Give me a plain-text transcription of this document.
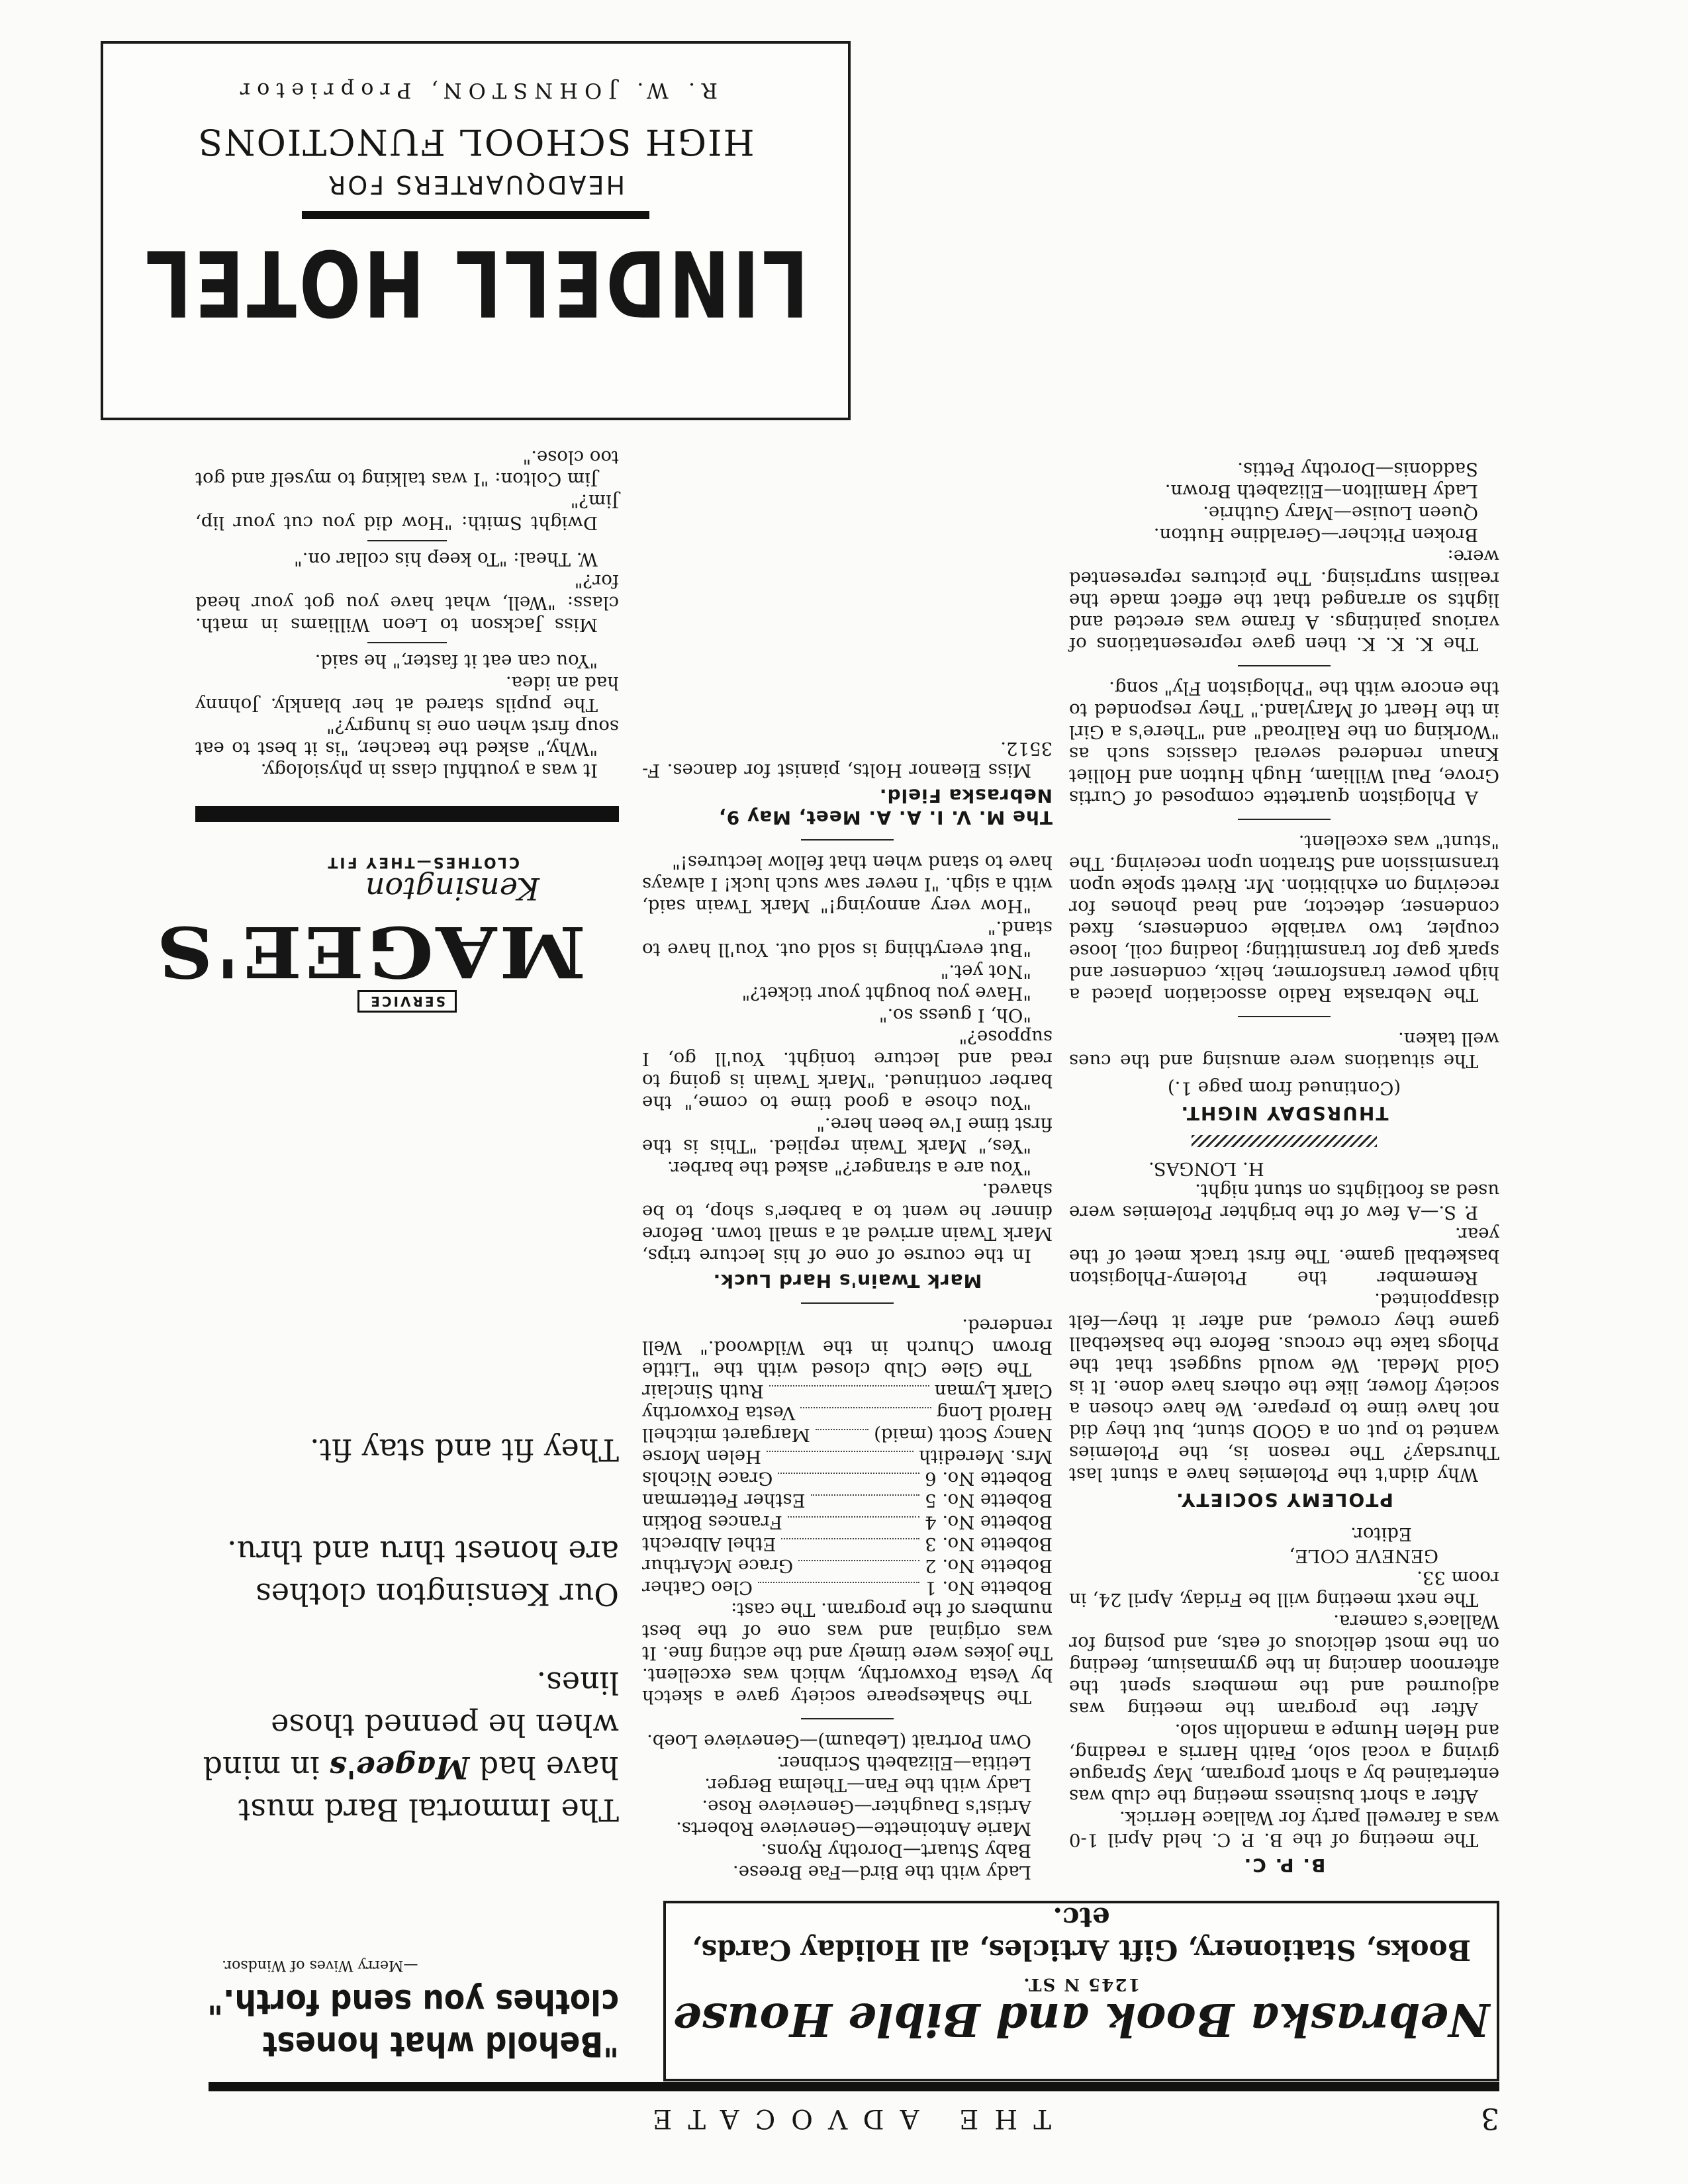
3
THE ADVOCATE
Nebraska Book and Bible House
1245 N ST.
Books, Stationery, Gift Articles, all Holiday Cards, etc.
B. P. C.

The meeting of the B. P. C. held April 1-0 was a farewell party for Wallace Herrick.

After a short business meeting the club was entertained by a short program, May Sprague giving a vocal solo, Faith Harris a reading, and Helen Humpe a mandolin solo.

After the program the meeting was adjourned and the members spent the afternoon dancing in the gymnasium, feeding on the most delicious of eats, and posing for Wallace's camera.

The next meeting will be Friday, April 24, in room 33.

GENEVE COLE,

Editor.

PTOLEMY SOCIETY.

Why didn't the Ptolemies have a stunt last Thursday? The reason is, the Ptolemies wanted to put on a GOOD stunt, but they did not have time to prepare. We have chosen a society flower, like the others have done. It is Gold Medal. We would suggest that the Phlogs take the crocus. Before the basketball game they crowed, and after it they—felt disappointed.

Remember the Ptolemy-Phlogiston basketball game. The first track meet of the year.

P. S.—A few of the brighter Ptolemies were used as footlights on stunt night.

H. LONGAS.

THURSDAY NIGHT.
(Continued from page 1.)

The situations were amusing and the cues well taken.

The Nebraska Radio association placed a high power transformer, helix, condenser and spark gap for transmitting; loading coil, loose coupler, two variable condensers, fixed condenser, detector, and head phones for receiving on exhibition. Mr. Rivett spoke upon transmission and Stratton upon receiving. The "stunt" was excellent.

A Phlogiston quartette composed of Curtis Grove, Paul William, Hugh Hutton and Holliet Knaun rendered several classics such as "Working on the Railroad" and "There's a Girl in the Heart of Maryland." They responded to the encore with the "Phlogiston Fly" song.

The K. K. K. then gave representations of various paintings. A frame was erected and lights so arranged that the effect made the realism surprising. The pictures represented were:

Broken Pitcher—Geraldine Hutton.

Queen Louise—Mary Guthrie.

Lady Hamilton—Elizabeth Brown.

Saddonis—Dorothy Pettis.

Lady with the Bird—Fae Breese.

Baby Stuart—Dorothy Ryons.

Marie Antoinette—Genevieve Roberts.

Artist's Daughter—Genevieve Rose.

Lady with the Fan—Thelma Berger.

Letitia—Elizabeth Scribner.

Own Portrait (Lebaum)—Genevieve Loeb.

The Shakespeare society gave a sketch by Vesta Foxworthy, which was excellent. The jokes were timely and the acting fine. It was original and was one of the best numbers of the program. The cast:

Bobette No. 1
Cleo Cather
Bobette No. 2
Grace McArthur
Bobette No. 3
Ethel Albrecht
Bobette No. 4
Frances Botkin
Bobette No. 5
Esther Fetterman
Bobette No. 6
Grace Nichols
Mrs. Meredith
Helen Morse
Nancy Scott (maid)
Margaret mitchell
Harold Long
Vesta Foxworthy
Clark Lyman
Ruth Sinclair

The Glee Club closed with the "Little Brown Church in the Wildwood." Well rendered.

Mark Twain's Hard Luck.

In the course of one of his lecture trips, Mark Twain arrived at a small town. Before dinner he went to a barber's shop, to be shaved.

"You are a stranger?" asked the barber.

"Yes," Mark Twain replied. "This is the first time I've been here."

"You chose a good time to come," the barber continued. "Mark Twain is going to read and lecture tonight. You'll go, I suppose?"

"Oh, I guess so."

"Have you bought your ticket?"

"Not yet."

"But everything is sold out. You'll have to stand."

"How very annoying!" Mark Twain said, with a sigh. "I never saw such luck! I always have to stand when that fellow lectures!"

The M. V. I. A. A. Meet, May 9, Nebraska Field.

Miss Eleanor Holts, pianist for dances. F-3512.

"Behold what honest clothes you send forth."
—Merry Wives of Windsor.
The Immortal Bard must have had Magee's in mind when he penned those lines.
Our Kensington clothes are honest thru and thru.
They fit and stay fit.
SERVICE
MAGEE'S
Kensington
CLOTHES—THEY FIT

It was a youthful class in physiology.

"Why," asked the teacher, "is it best to eat soup first when one is hungry?"

The pupils stared at her blankly. Johnny had an idea.

"You can eat it faster," he said.

Miss Jackson to Leon Williams in math. class: "Well, what have you got your head for?"

W. Theal: "To keep his collar on."

Dwight Smith: "How did you cut your lip, Jim?"

Jim Colton: "I was talking to myself and got too close."

LINDELL HOTEL
HEADQUARTERS FOR
HIGH SCHOOL FUNCTIONS
R. W. JOHNSTON, Proprietor
